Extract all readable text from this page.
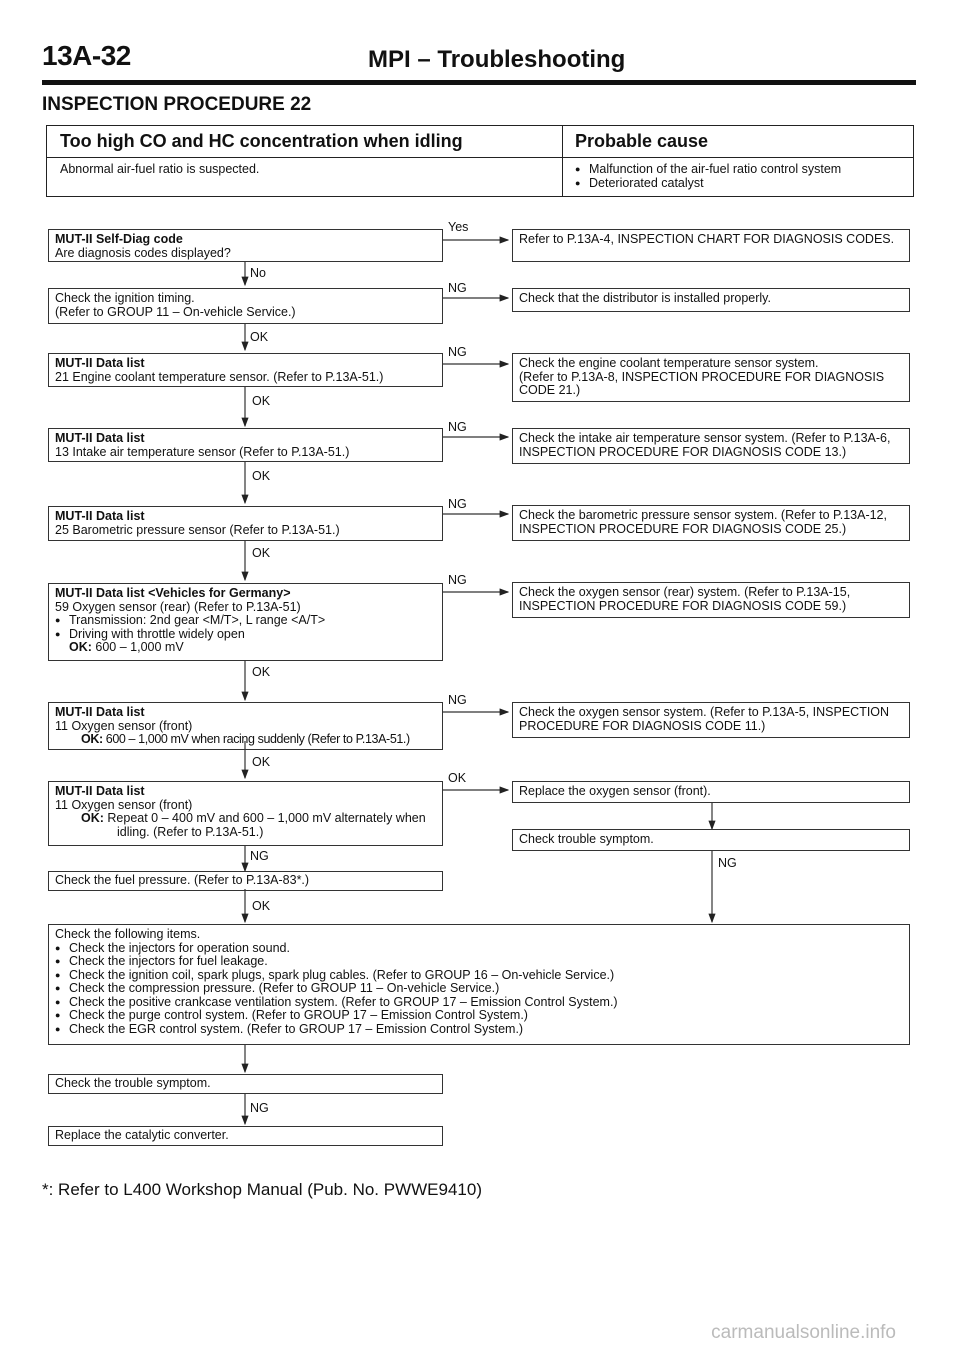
13A-32	MPI – Troubleshooting
INSPECTION PROCEDURE 22
Too high CO and HC concentration when idling	Probable cause
Abnormal air-fuel ratio is suspected.
●	Malfunction of the air-fuel ratio control system
● Deteriorated catalyst
MUT-II Self-Diag code
Are diagnosis codes displayed?
Yes
Refer to P.13A-4, INSPECTION CHART FOR DIAGNOSIS CODES.
No
Check the ignition timing.
(Refer to GROUP 11 – On-vehicle Service.)
NG
Check that the distributor is installed properly.
OK
MUT-II Data list
21 Engine coolant temperature sensor. (Refer to P.13A-51.)
NG
Check the engine coolant temperature sensor system.
(Refer to P.13A-8, INSPECTION PROCEDURE FOR DIAGNOSIS
CODE 21.)
OK
MUT-II Data list
13 Intake air temperature sensor (Refer to P.13A-51.)
NG
Check the intake air temperature sensor system. (Refer to P.13A-6,
INSPECTION PROCEDURE FOR DIAGNOSIS CODE 13.)
OK
MUT-II Data list
25 Barometric pressure sensor (Refer to P.13A-51.)
NG
Check the barometric pressure sensor system. (Refer to P.13A-12,
INSPECTION PROCEDURE FOR DIAGNOSIS CODE 25.)
OK
MUT-II Data list <Vehicles for Germany>
59 Oxygen sensor (rear) (Refer to P.13A-51)
● Transmission: 2nd gear <M/T>, L range <A/T>
● Driving with throttle widely open
OK: 600 – 1,000 mV
NG
Check the oxygen sensor (rear) system. (Refer to P.13A-15,
INSPECTION PROCEDURE FOR DIAGNOSIS CODE 59.)
OK
MUT-II Data list
11 Oxygen sensor (front)
OK: 600 – 1,000 mV when racing suddenly (Refer to P.13A-51.)
NG
Check the oxygen sensor system. (Refer to P.13A-5, INSPECTION
PROCEDURE FOR DIAGNOSIS CODE 11.)
OK
MUT-II Data list
11 Oxygen sensor (front)
OK: Repeat 0 – 400 mV and 600 – 1,000 mV alternately when
idling. (Refer to P.13A-51.)
OK
Replace the oxygen sensor (front).
Check trouble symptom.
NG
NG
Check the fuel pressure. (Refer to P.13A-83*.)
OK
Check the following items.
● Check the injectors for operation sound.
● Check the injectors for fuel leakage.
● Check the ignition coil, spark plugs, spark plug cables. (Refer to GROUP 16 – On-vehicle Service.)
● Check the compression pressure. (Refer to GROUP 11 – On-vehicle Service.)
● Check the positive crankcase ventilation system. (Refer to GROUP 17 – Emission Control System.)
● Check the purge control system. (Refer to GROUP 17 – Emission Control System.)
● Check the EGR control system. (Refer to GROUP 17 – Emission Control System.)
Check the trouble symptom.
NG
Replace the catalytic converter.
*: Refer to L400 Workshop Manual (Pub. No. PWWE9410)
carmanualsonline.info
